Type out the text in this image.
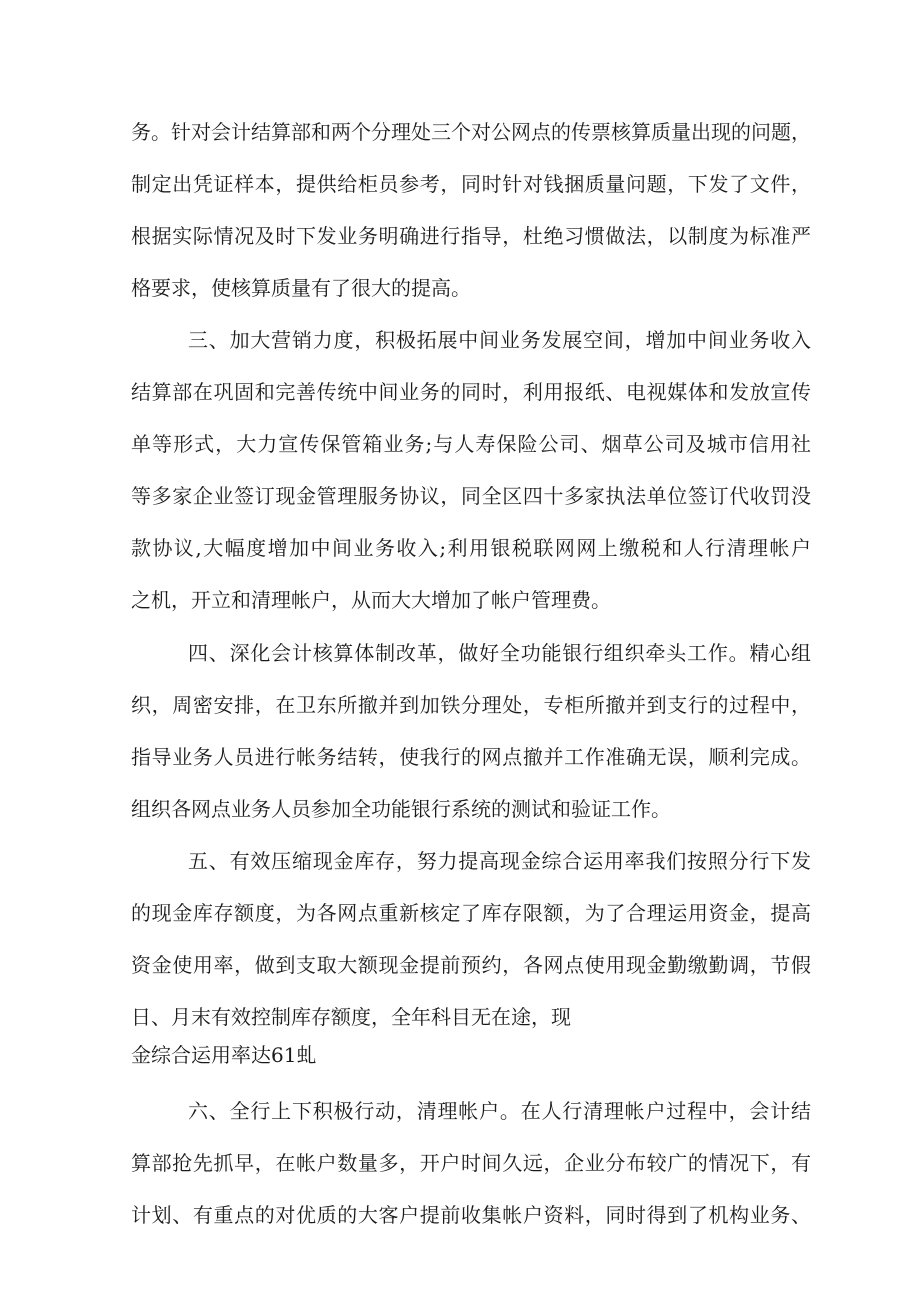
务。针对会计结算部和两个分理处三个对公网点的传票核算质量出现的问题，
制定出凭证样本，提供给柜员参考，同时针对钱捆质量问题，下发了文件，
根据实际情况及时下发业务明确进行指导，杜绝习惯做法，以制度为标准严
格要求，使核算质量有了很大的提高。
三、加大营销力度，积极拓展中间业务发展空间，增加中间业务收入
结算部在巩固和完善传统中间业务的同时，利用报纸、电视媒体和发放宣传
单等形式，大力宣传保管箱业务;与人寿保险公司、烟草公司及城市信用社
等多家企业签订现金管理服务协议，同全区四十多家执法单位签订代收罚没
款协议,大幅度增加中间业务收入;利用银税联网网上缴税和人行清理帐户
之机，开立和清理帐户，从而大大增加了帐户管理费。
四、深化会计核算体制改革，做好全功能银行组织牵头工作。精心组
织，周密安排，在卫东所撤并到加铁分理处，专柜所撤并到支行的过程中，
指导业务人员进行帐务结转，使我行的网点撤并工作准确无误，顺利完成。
组织各网点业务人员参加全功能银行系统的测试和验证工作。
五、有效压缩现金库存，努力提高现金综合运用率我们按照分行下发
的现金库存额度，为各网点重新核定了库存限额，为了合理运用资金，提高
资金使用率，做到支取大额现金提前预约，各网点使用现金勤缴勤调，节假
日、月末有效控制库存额度，全年科目无在途，现
金综合运用率达61虬
六、全行上下积极行动，清理帐户。在人行清理帐户过程中，会计结
算部抢先抓早，在帐户数量多，开户时间久远，企业分布较广的情况下，有
计划、有重点的对优质的大客户提前收集帐户资料，同时得到了机构业务、
